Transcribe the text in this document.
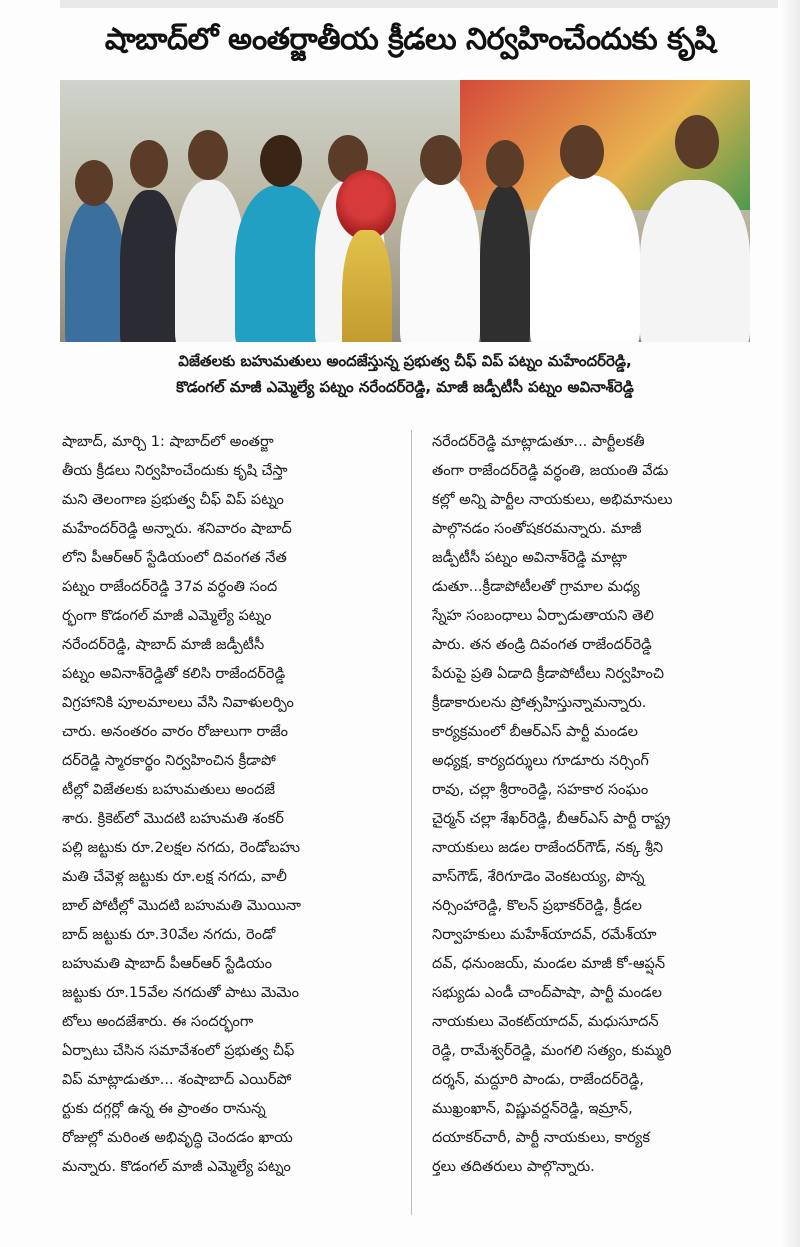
షాబాద్‌లో అంతర్జాతీయ క్రీడలు నిర్వహించేందుకు కృషి
విజేతలకు బహుమతులు అందజేస్తున్న ప్రభుత్వ చీఫ్ విప్ పట్నం మహేందర్‌రెడ్డి,
కొడంగల్ మాజీ ఎమ్మెల్యే పట్నం నరేందర్‌రెడ్డి, మాజీ జడ్పీటీసీ పట్నం అవినాశ్‌రెడ్డి
షాబాద్, మార్చి 1: షాబాద్‌లో అంతర్జా
తీయ క్రీడలు నిర్వహించేందుకు కృషి చేస్తా
మని తెలంగాణ ప్రభుత్వ చీఫ్ విప్ పట్నం
మహేందర్‌రెడ్డి అన్నారు. శనివారం షాబాద్
లోని పీఆర్ఆర్ స్టేడియంలో దివంగత నేత
పట్నం రాజేందర్‌రెడ్డి 37వ వర్ధంతి సంద
ర్భంగా కొడంగల్ మాజీ ఎమ్మెల్యే పట్నం
నరేందర్‌రెడ్డి, షాబాద్ మాజీ జడ్పీటీసీ
పట్నం అవినాశ్‌రెడ్డితో కలిసి రాజేందర్‌రెడ్డి
విగ్రహానికి పూలమాలలు వేసి నివాళులర్పిం
చారు. అనంతరం వారం రోజులుగా రాజేం
దర్‌రెడ్డి స్మారకార్థం నిర్వహించిన క్రీడాపో
టీల్లో విజేతలకు బహుమతులు అందజే
శారు. క్రికెట్‌లో మొదటి బహుమతి శంకర్
పల్లి జట్టుకు రూ.2లక్షల నగదు, రెండోబహు
మతి చేవెళ్ల జట్టుకు రూ.లక్ష నగదు, వాలీ
బాల్ పోటీల్లో మొదటి బహుమతి మొయినా
బాద్ జట్టుకు రూ.30వేల నగదు, రెండో
బహుమతి షాబాద్ పీఆర్ఆర్ స్టేడియం
జట్టుకు రూ.15వేల నగదుతో పాటు మెమెం
టోలు అందజేశారు. ఈ సందర్భంగా
ఏర్పాటు చేసిన సమావేశంలో ప్రభుత్వ చీఫ్
విప్ మాట్లాడుతూ... శంషాబాద్ ఎయిర్‌పో
ర్టుకు దగ్గర్లో ఉన్న ఈ ప్రాంతం రానున్న
రోజుల్లో మరింత అభివృద్ధి చెందడం ఖాయ
మన్నారు. కొడంగల్ మాజీ ఎమ్మెల్యే పట్నం
నరేందర్‌రెడ్డి మాట్లాడుతూ... పార్టీలకతీ
తంగా రాజేందర్‌రెడ్డి వర్ధంతి, జయంతి వేడు
కల్లో అన్ని పార్టీల నాయకులు, అభిమానులు
పాల్గొనడం సంతోషకరమన్నారు. మాజీ
జడ్పీటీసీ పట్నం అవినాశ్‌రెడ్డి మాట్లా
డుతూ...క్రీడాపోటీలతో గ్రామాల మధ్య
స్నేహ సంబంధాలు ఏర్పాడుతాయని తెలి
పారు. తన తండ్రి దివంగత రాజేందర్‌రెడ్డి
పేరుపై ప్రతి ఏడాది క్రీడాపోటీలు నిర్వహించి
క్రీడాకారులను ప్రోత్సహిస్తున్నామన్నారు.
కార్యక్రమంలో బీఆర్ఎస్ పార్టీ మండల
అధ్యక్ష, కార్యదర్శులు గూడూరు నర్సింగ్
రావు, చల్లా శ్రీరాంరెడ్డి, సహకార సంఘం
చైర్మన్ చల్లా శేఖర్‌రెడ్డి, బీఆర్ఎస్ పార్టీ రాష్ట్ర
నాయకులు జడల రాజేందర్‌గౌడ్, నక్క శ్రీని
వాస్‌గౌడ్, శేరిగూడెం వెంకటయ్య, పొన్న
నర్సింహారెడ్డి, కొలన్ ప్రభాకర్‌రెడ్డి, క్రీడల
నిర్వాహకులు మహేశ్‌యాదవ్, రమేశ్‌యా
దవ్, ధనుంజయ్, మండల మాజీ కో-ఆప్షన్
సభ్యుడు ఎండీ చాంద్‌పాషా, పార్టీ మండల
నాయకులు వెంకట్‌యాదవ్, మధుసూదన్
రెడ్డి, రామేశ్వర్‌రెడ్డి, మంగలి సత్యం, కుమ్మరి
దర్శన్, మద్దూరి పాండు, రాజేందర్‌రెడ్డి,
ముఖ్రంఖాన్, విష్ణువర్దన్‌రెడ్డి, ఇమ్రాన్,
దయాకర్‌చారీ, పార్టీ నాయకులు, కార్యక
ర్తలు తదితరులు పాల్గొన్నారు.
